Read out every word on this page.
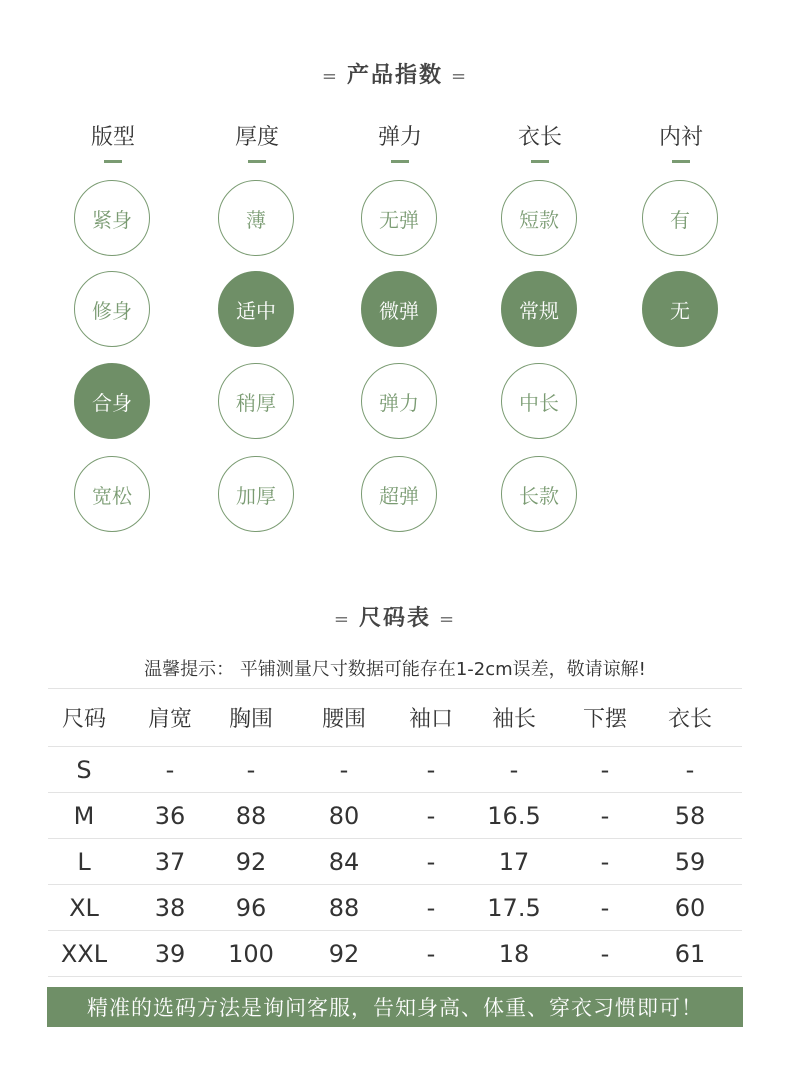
= 产品指数 =
版型
紧身
修身
合身
宽松
厚度
薄
适中
稍厚
加厚
弹力
无弹
微弹
弹力
超弹
衣长
短款
常规
中长
长款
内衬
有
无
= 尺码表 =
温馨提示： 平铺测量尺寸数据可能存在1-2cm误差，敬请谅解!
尺码	肩宽	胸围	腰围	袖口	袖长	下摆	衣长
S	-	-	-	-	-	-	-
M	36	88	80	-	16.5	-	58
L	37	92	84	-	17	-	59
XL	38	96	88	-	17.5	-	60
XXL	39	100	92	-	18	-	61
精准的选码方法是询问客服，告知身高、体重、穿衣习惯即可！
